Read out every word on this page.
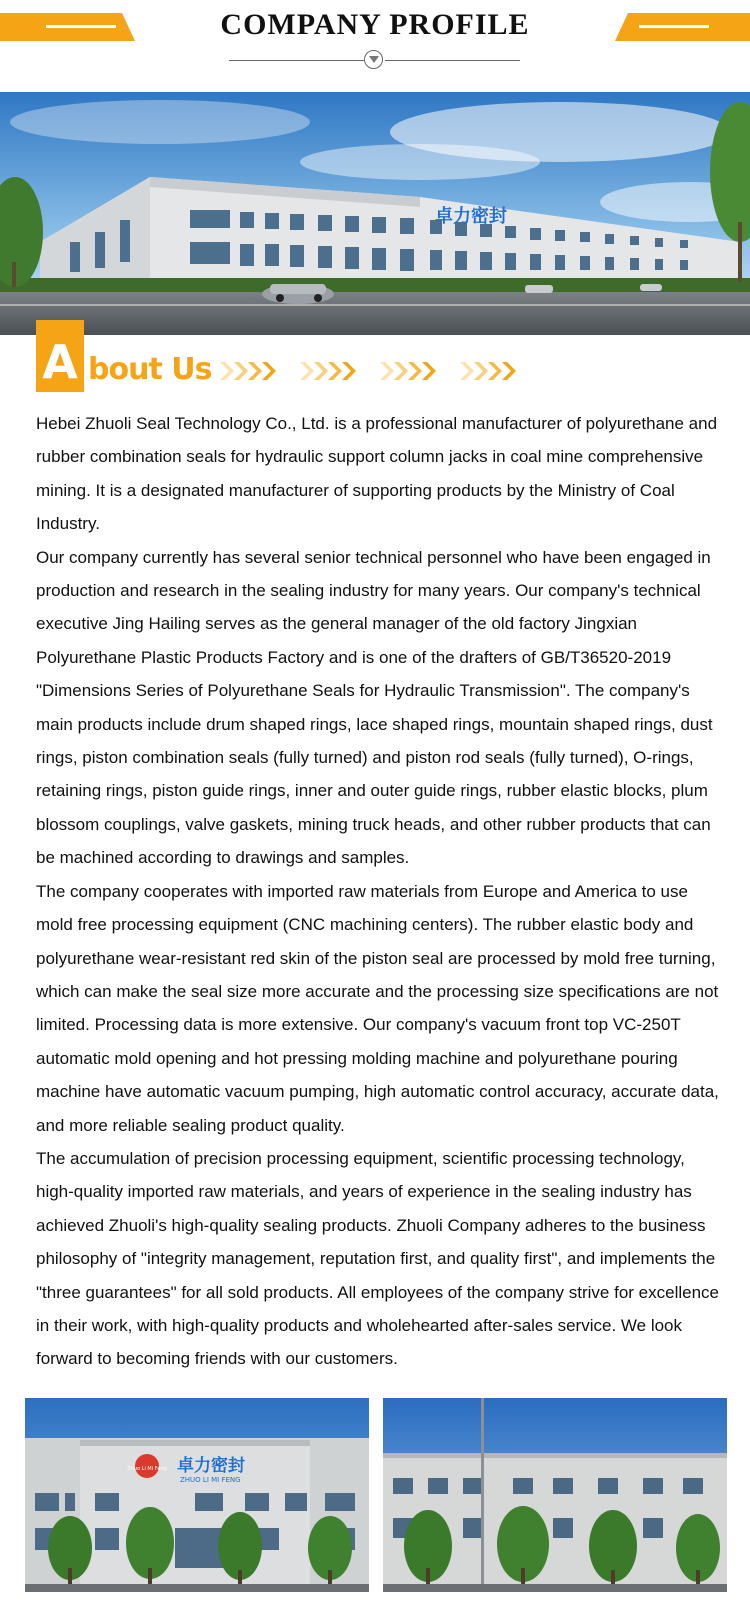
COMPANY PROFILE
卓力密封
A bout Us

Hebei Zhuoli Seal Technology Co., Ltd. is a professional manufacturer of polyurethane and rubber combination seals for hydraulic support column jacks in coal mine comprehensive mining. It is a designated manufacturer of supporting products by the Ministry of Coal Industry.

Our company currently has several senior technical personnel who have been engaged in production and research in the sealing industry for many years. Our company's technical executive Jing Hailing serves as the general manager of the old factory Jingxian Polyurethane Plastic Products Factory and is one of the drafters of GB/T36520-2019 "Dimensions Series of Polyurethane Seals for Hydraulic Transmission". The company's main products include drum shaped rings, lace shaped rings, mountain shaped rings, dust rings, piston combination seals (fully turned) and piston rod seals (fully turned), O-rings, retaining rings, piston guide rings, inner and outer guide rings, rubber elastic blocks, plum blossom couplings, valve gaskets, mining truck heads, and other rubber products that can be machined according to drawings and samples.

The company cooperates with imported raw materials from Europe and America to use mold free processing equipment (CNC machining centers). The rubber elastic body and polyurethane wear-resistant red skin of the piston seal are processed by mold free turning, which can make the seal size more accurate and the processing size specifications are not limited. Processing data is more extensive. Our company's vacuum front top VC-250T automatic mold opening and hot pressing molding machine and polyurethane pouring machine have automatic vacuum pumping, high automatic control accuracy, accurate data, and more reliable sealing product quality.

The accumulation of precision processing equipment, scientific processing technology, high-quality imported raw materials, and years of experience in the sealing industry has achieved Zhuoli's high-quality sealing products. Zhuoli Company adheres to the business philosophy of "integrity management, reputation first, and quality first", and implements the "three guarantees" for all sold products. All employees of the company strive for excellence in their work, with high-quality products and wholehearted after-sales service. We look forward to becoming friends with our customers.

Zhuo Li Mi Feng 卓力密封
ZHUO LI MI FENG
